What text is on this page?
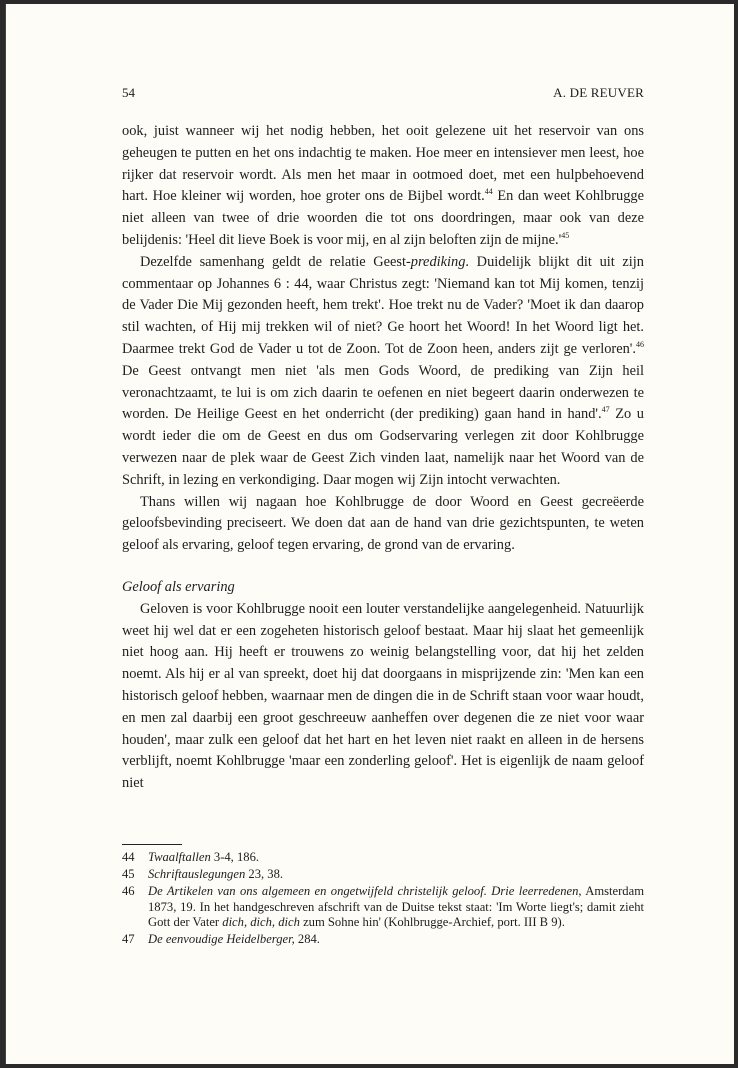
54	A. DE REUVER

ook, juist wanneer wij het nodig hebben, het ooit gelezene uit het reservoir van ons geheugen te putten en het ons indachtig te maken. Hoe meer en intensiever men leest, hoe rijker dat reservoir wordt. Als men het maar in ootmoed doet, met een hulpbehoevend hart. Hoe kleiner wij worden, hoe groter ons de Bijbel wordt.$^{44}$ En dan weet Kohlbrugge niet alleen van twee of drie woorden die tot ons doordringen, maar ook van deze belijdenis: 'Heel dit lieve Boek is voor mij, en al zijn beloften zijn de $mijne.'^{45}$

Dezelfde samenhang geldt de relatie Geest-prediking. Duidelijk blijkt dit uit zijn commentaar op Johannes 6 : 44, waar Christus zegt: 'Niemand kan tot Mij komen, tenzij de Vader Die Mij gezonden heeft, hem trekt'. Hoe trekt nu de Vader? 'Moet ik dan daarop stil wachten, of Hij mij trekken wil of niet? Ge hoort het Woord! In het Woord ligt het. Daarmee trekt God de Vader u tot de Zoon. Tot de Zoon heen, anders zijt ge verloren'.$^{46}$ De Geest ontvangt men niet 'als men Gods Woord, de prediking van Zijn heil veronachtzaamt, te lui is om zich daarin te oefenen en niet begeert daarin onderwezen te worden. De Heilige Geest en het onderricht (der prediking) gaan hand in hand'.$^{47}$ Zo u wordt ieder die om de Geest en dus om Godservaring verlegen zit door Kohlbrugge verwezen naar de plek waar de Geest Zich vinden laat, namelijk naar het Woord van de Schrift, in lezing en verkondiging. Daar mogen wij Zijn intocht verwachten.

Thans willen wij nagaan hoe Kohlbrugge de door Woord en Geest gecreëerde geloofsbevinding preciseert. We doen dat aan de hand van drie gezichtspunten, te weten geloof als ervaring, geloof tegen ervaring, de grond van de ervaring.

Geloof als ervaring

Geloven is voor Kohlbrugge nooit een louter verstandelijke aangelegenheid. Natuurlijk weet hij wel dat er een zogeheten historisch geloof bestaat. Maar hij slaat het gemeenlijk niet hoog aan. Hij heeft er trouwens zo weinig belangstelling voor, dat hij het zelden noemt. Als hij er al van spreekt, doet hij dat doorgaans in misprijzende zin: 'Men kan een historisch geloof hebben, waarnaar men de dingen die in de Schrift staan voor waar houdt, en men zal daarbij een groot geschreeuw aanheffen over degenen die ze niet voor waar houden', maar zulk een geloof dat het hart en het leven niet raakt en alleen in de hersens verblijft, noemt Kohlbrugge 'maar een zonderling geloof'. Het is eigenlijk de naam geloof niet

44	Twaalftallen 3-4, 186.
45	Schriftauslegungen 23, 38.
46	De Artikelen van ons algemeen en ongetwijfeld christelijk geloof. Drie leerredenen, Amsterdam 1873, 19. In het handgeschreven afschrift van de Duitse tekst staat: 'Im Worte liegt's; damit zieht Gott der Vater dich, dich, dich zum Sohne hin' (Kohlbrugge-Archief, port. III B 9).
47	De eenvoudige Heidelberger, 284.
